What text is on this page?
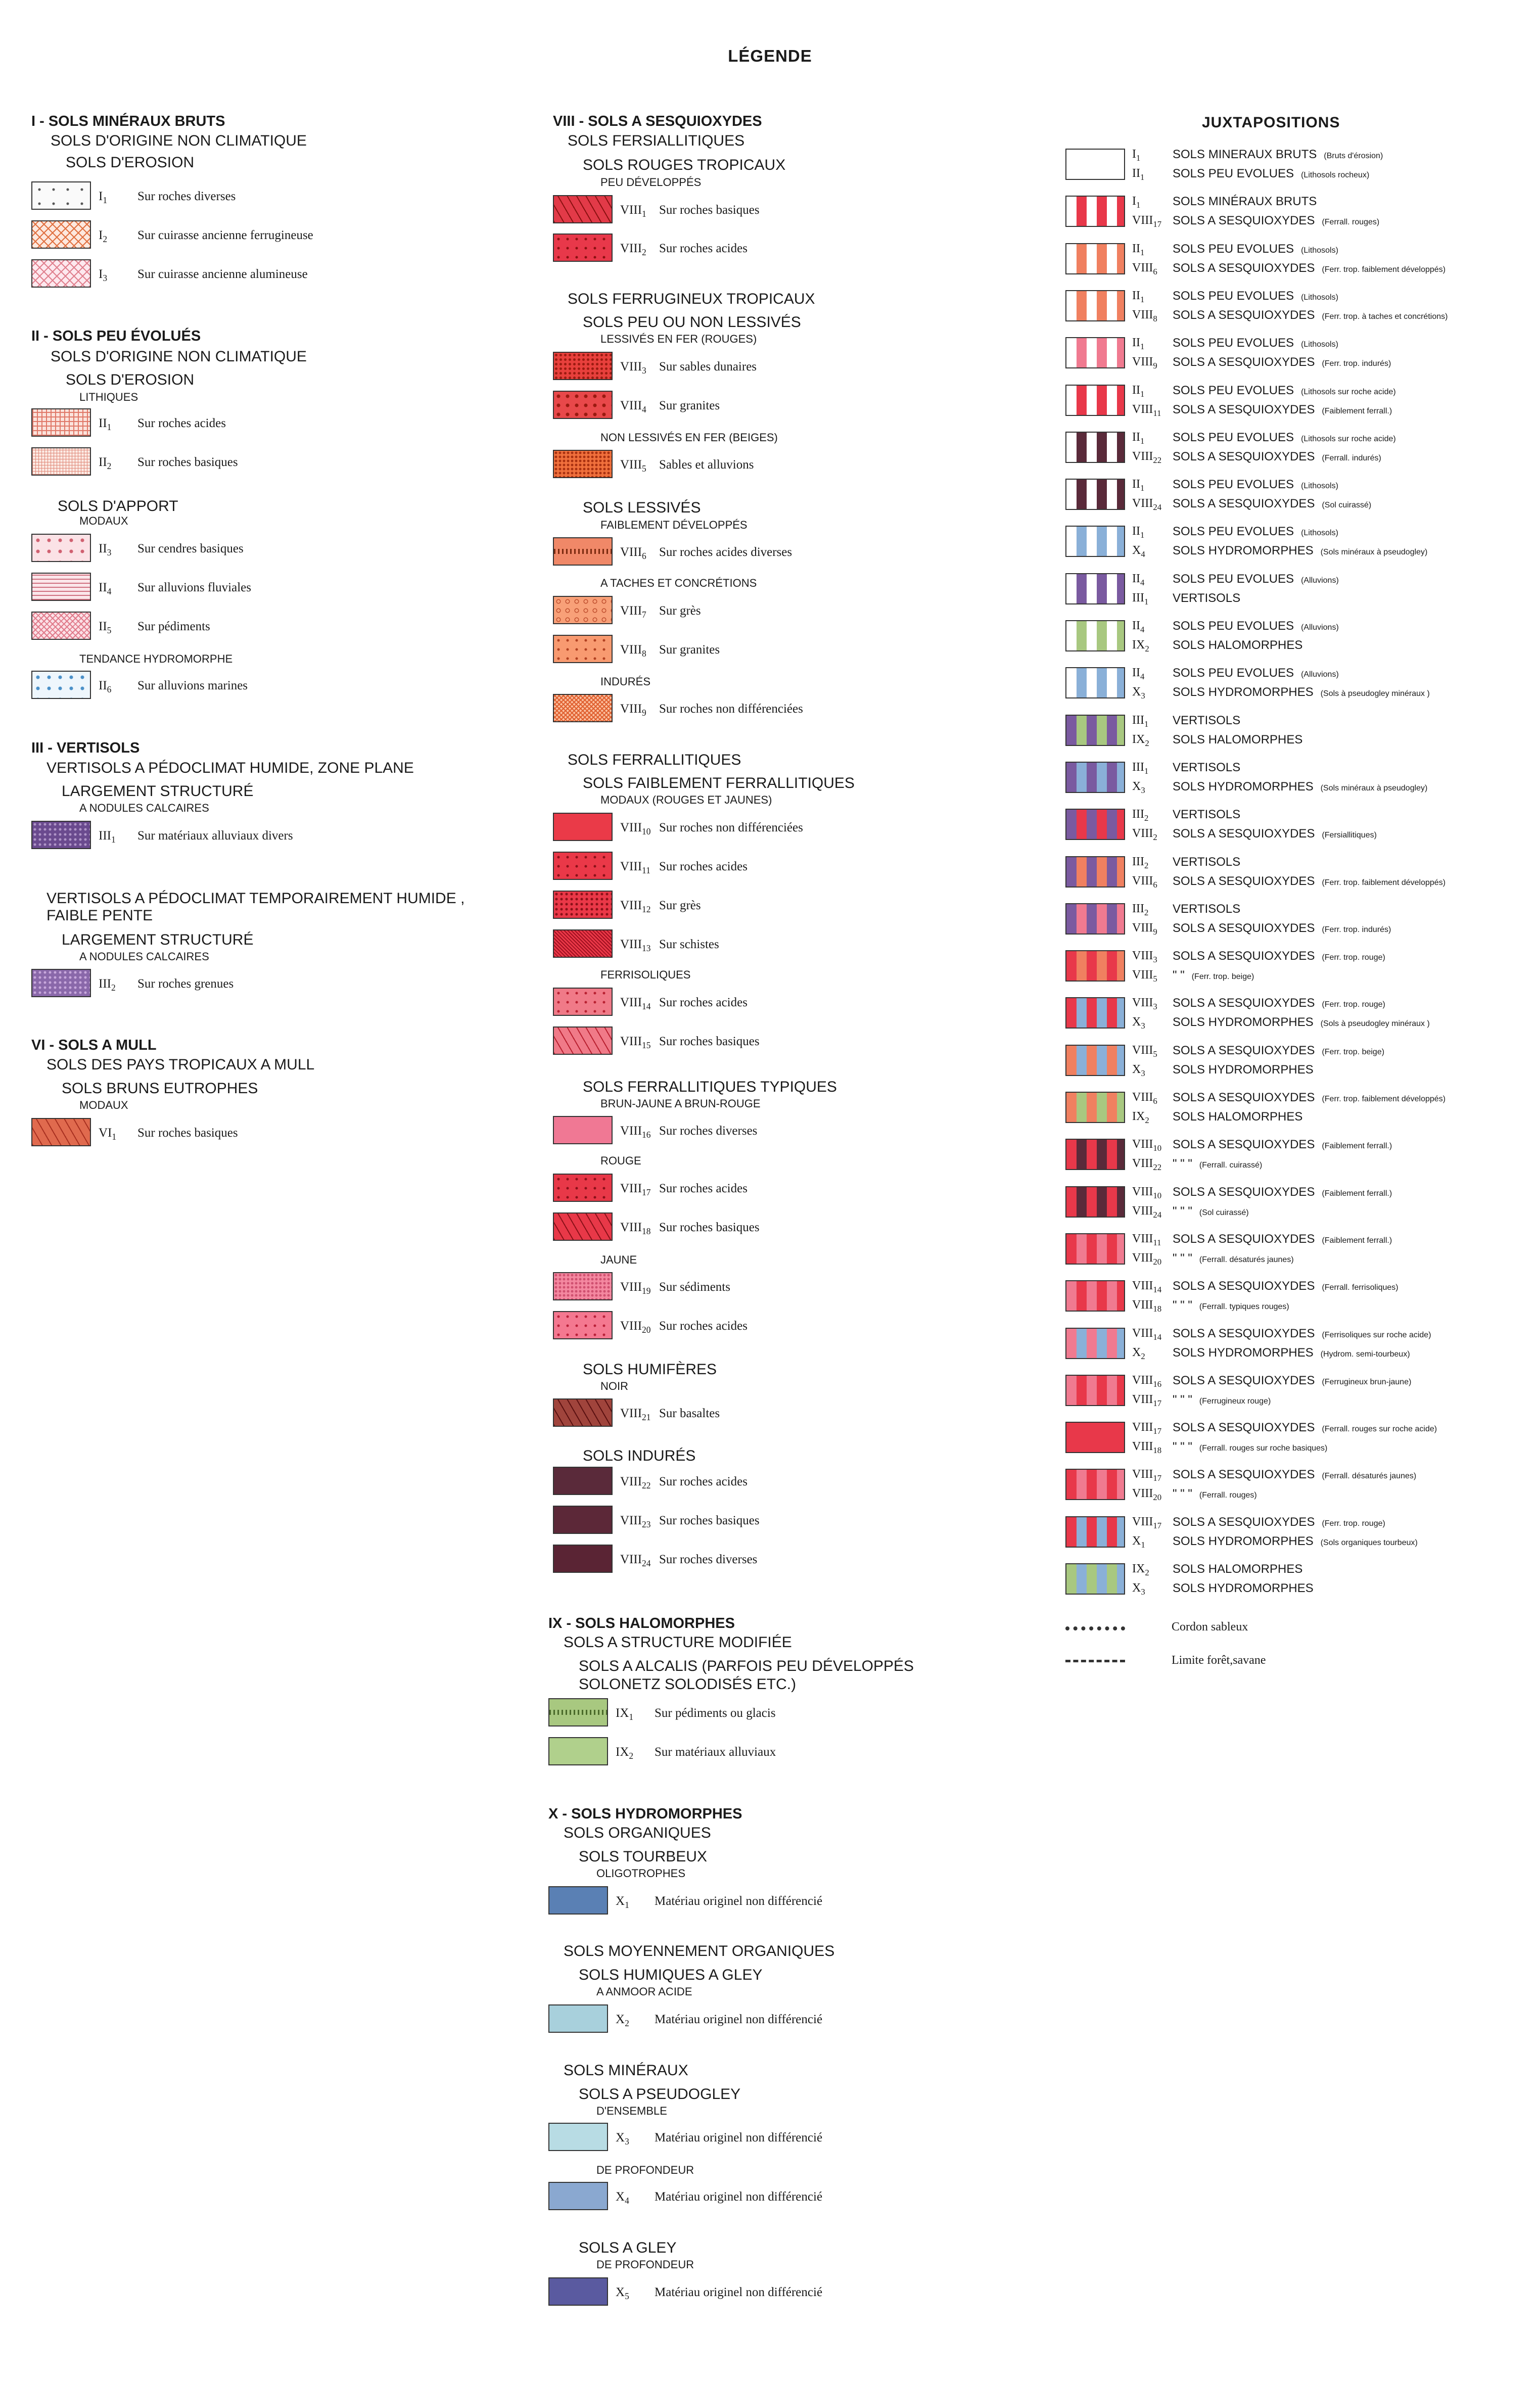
LÉGENDE
I - SOLS MINÉRAUX BRUTS
SOLS D'ORIGINE NON CLIMATIQUE
SOLS D'EROSION
$I_1$ Sur roches diverses
$I_2$ Sur cuirasse ancienne ferrugineuse
$I_3$ Sur cuirasse ancienne alumineuse
II - SOLS PEU ÉVOLUÉS
SOLS D'ORIGINE NON CLIMATIQUE
SOLS D'EROSION
LITHIQUES
SOLS D'APPORT
MODAUX
TENDANCE HYDROMORPHE
$II_1$ Sur roches acides
$II_2$ Sur roches basiques
$II_3$ Sur cendres basiques
$II_4$ Sur alluvions fluviales
$II_5$ Sur pédiments
$II_6$ Sur alluvions marines
III - VERTISOLS
VERTISOLS A PÉDOCLIMAT HUMIDE, ZONE PLANE
LARGEMENT STRUCTURÉ
A NODULES CALCAIRES
VERTISOLS A PÉDOCLIMAT TEMPORAIREMENT HUMIDE ,
FAIBLE PENTE
LARGEMENT STRUCTURÉ
A NODULES CALCAIRES
$III_1$ Sur matériaux alluviaux divers
$III_2$ Sur roches grenues
VI - SOLS A MULL
SOLS DES PAYS TROPICAUX A MULL
SOLS BRUNS EUTROPHES
MODAUX
$VI_1$ Sur roches basiques
VIII - SOLS A SESQUIOXYDES
SOLS FERSIALLITIQUES
SOLS ROUGES TROPICAUX
PEU DÉVELOPPÉS
SOLS FERRUGINEUX TROPICAUX
SOLS PEU OU NON LESSIVÉS
LESSIVÉS EN FER (ROUGES)
NON LESSIVÉS EN FER (BEIGES)
SOLS LESSIVÉS
FAIBLEMENT DÉVELOPPÉS
A TACHES ET CONCRÉTIONS
INDURÉS
SOLS FERRALLITIQUES
SOLS FAIBLEMENT FERRALLITIQUES
MODAUX (ROUGES ET JAUNES)
FERRISOLIQUES
SOLS FERRALLITIQUES TYPIQUES
BRUN-JAUNE A BRUN-ROUGE
ROUGE
JAUNE
SOLS HUMIFÈRES
NOIR
SOLS INDURÉS
IX - SOLS HALOMORPHES
SOLS A STRUCTURE MODIFIÉE
SOLS A ALCALIS (PARFOIS PEU DÉVELOPPÉS
SOLONETZ SOLODISÉS ETC.)
X - SOLS HYDROMORPHES
SOLS ORGANIQUES
SOLS TOURBEUX
OLIGOTROPHES
SOLS MOYENNEMENT ORGANIQUES
SOLS HUMIQUES A GLEY
A ANMOOR ACIDE
SOLS MINÉRAUX
SOLS A PSEUDOGLEY
D'ENSEMBLE
DE PROFONDEUR
SOLS A GLEY
DE PROFONDEUR
$VIII_1$ Sur roches basiques
$VIII_2$ Sur roches acides
$VIII_3$ Sur sables dunaires
$VIII_4$ Sur granites
$VIII_5$ Sables et alluvions
$VIII_6$ Sur roches acides diverses
$VIII_7$ Sur grès
$VIII_8$ Sur granites
$VIII_9$ Sur roches non différenciées
$VIII_{10}$ Sur roches non différenciées
$VIII_{11}$ Sur roches acides
$VIII_{12}$ Sur grès
$VIII_{13}$ Sur schistes
$VIII_{14}$ Sur roches acides
$VIII_{15}$ Sur roches basiques
$VIII_{16}$ Sur roches diverses
$VIII_{17}$ Sur roches acides
$VIII_{18}$ Sur roches basiques
$VIII_{19}$ Sur sédiments
$VIII_{20}$ Sur roches acides
$VIII_{21}$ Sur basaltes
$VIII_{22}$ Sur roches acides
$VIII_{23}$ Sur roches basiques
$VIII_{24}$ Sur roches diverses
$IX_1$ Sur pédiments ou glacis
$IX_2$ Sur matériaux alluviaux
$X_1$ Matériau originel non différencié
$X_2$ Matériau originel non différencié
$X_3$ Matériau originel non différencié
$X_4$ Matériau originel non différencié
$X_5$ Matériau originel non différencié
JUXTAPOSITIONS
$I_1$	SOLS MINERAUX BRUTS (Bruts d'érosion)
$II_1$ SOLS PEU EVOLUES (Lithosols rocheux)
$I_1$	SOLS MINÉRAUX BRUTS
$VIII_{17}$ SOLS A SESQUIOXYDES (Ferrall. rouges)
$II_1$ SOLS PEU EVOLUES (Lithosols)
$VIII_6$ SOLS A SESQUIOXYDES (Ferr. trop. faiblement développés)
$II_1$ SOLS PEU EVOLUES (Lithosols)
$VIII_8$ SOLS A SESQUIOXYDES (Ferr. trop. à taches et concrétions)
$II_1$ SOLS PEU EVOLUES (Lithosols)
$VIII_9$ SOLS A SESQUIOXYDES (Ferr. trop. indurés)
$II_1$ SOLS PEU EVOLUES (Lithosols sur roche acide)
$VIII_{11}$ SOLS A SESQUIOXYDES (Faiblement ferrall.)
$II_1$ SOLS PEU EVOLUES (Lithosols sur roche acide)
$VIII_{22}$ SOLS A SESQUIOXYDES (Ferrall. indurés)
$II_1$ SOLS PEU EVOLUES (Lithosols)
$VIII_{24}$ SOLS A SESQUIOXYDES (Sol cuirassé)
$II_1$ SOLS PEU EVOLUES (Lithosols)
$X_4$ SOLS HYDROMORPHES (Sols minéraux à pseudogley)
$II_4$ SOLS PEU EVOLUES (Alluvions)
$III_1$ VERTISOLS
$II_4$ SOLS PEU EVOLUES (Alluvions)
$IX_2$ SOLS HALOMORPHES
$II_4$ SOLS PEU EVOLUES (Alluvions)
$X_3$ SOLS HYDROMORPHES (Sols à pseudogley minéraux )
$III_1$ VERTISOLS
$IX_2$ SOLS HALOMORPHES
$III_1$ VERTISOLS
$X_3$ SOLS HYDROMORPHES (Sols minéraux à pseudogley)
$III_2$ VERTISOLS
$VIII_2$ SOLS A SESQUIOXYDES (Fersiallitiques)
$III_2$ VERTISOLS
$VIII_6$ SOLS A SESQUIOXYDES (Ferr. trop. faiblement développés)
$III_2$ VERTISOLS
$VIII_9$ SOLS A SESQUIOXYDES (Ferr. trop. indurés)
$VIII_3$ SOLS A SESQUIOXYDES (Ferr. trop. rouge)
$VIII_5$ " " (Ferr. trop. beige)
$VIII_3$ SOLS A SESQUIOXYDES (Ferr. trop. rouge)
$X_3$ SOLS HYDROMORPHES (Sols à pseudogley minéraux )
$VIII_5$ SOLS A SESQUIOXYDES (Ferr. trop. beige)
$X_3$ SOLS HYDROMORPHES
$VIII_6$ SOLS A SESQUIOXYDES (Ferr. trop. faiblement développés)
$IX_2$ SOLS HALOMORPHES
$VIII_{10}$ SOLS A SESQUIOXYDES (Faiblement ferrall.)
$VIII_{22}$ " " " (Ferrall. cuirassé)
$VIII_{10}$ SOLS A SESQUIOXYDES (Faiblement ferrall.)
$VIII_{24}$ " " " (Sol cuirassé)
$VIII_{11}$ SOLS A SESQUIOXYDES (Faiblement ferrall.)
$VIII_{20}$ " " " (Ferrall. désaturés jaunes)
$VIII_{14}$ SOLS A SESQUIOXYDES (Ferrall. ferrisoliques)
$VIII_{18}$ " " " (Ferrall. typiques rouges)
$VIII_{14}$ SOLS A SESQUIOXYDES (Ferrisoliques sur roche acide)
$X_2$ SOLS HYDROMORPHES (Hydrom. semi-tourbeux)
$VIII_{16}$ SOLS A SESQUIOXYDES (Ferrugineux brun-jaune)
$VIII_{17}$ " " " (Ferrugineux rouge)
$VIII_{17}$ SOLS A SESQUIOXYDES (Ferrall. rouges sur roche acide)
$VIII_{18}$ " " " (Ferrall. rouges sur roche basiques)
$VIII_{17}$ SOLS A SESQUIOXYDES (Ferrall. désaturés jaunes)
$VIII_{20}$ " " " (Ferrall. rouges)
$VIII_{17}$ SOLS A SESQUIOXYDES (Ferr. trop. rouge)
$X_1$ SOLS HYDROMORPHES (Sols organiques tourbeux)
$IX_2$ SOLS HALOMORPHES
$X_3$ SOLS HYDROMORPHES
Cordon sableux
Limite forêt,savane
